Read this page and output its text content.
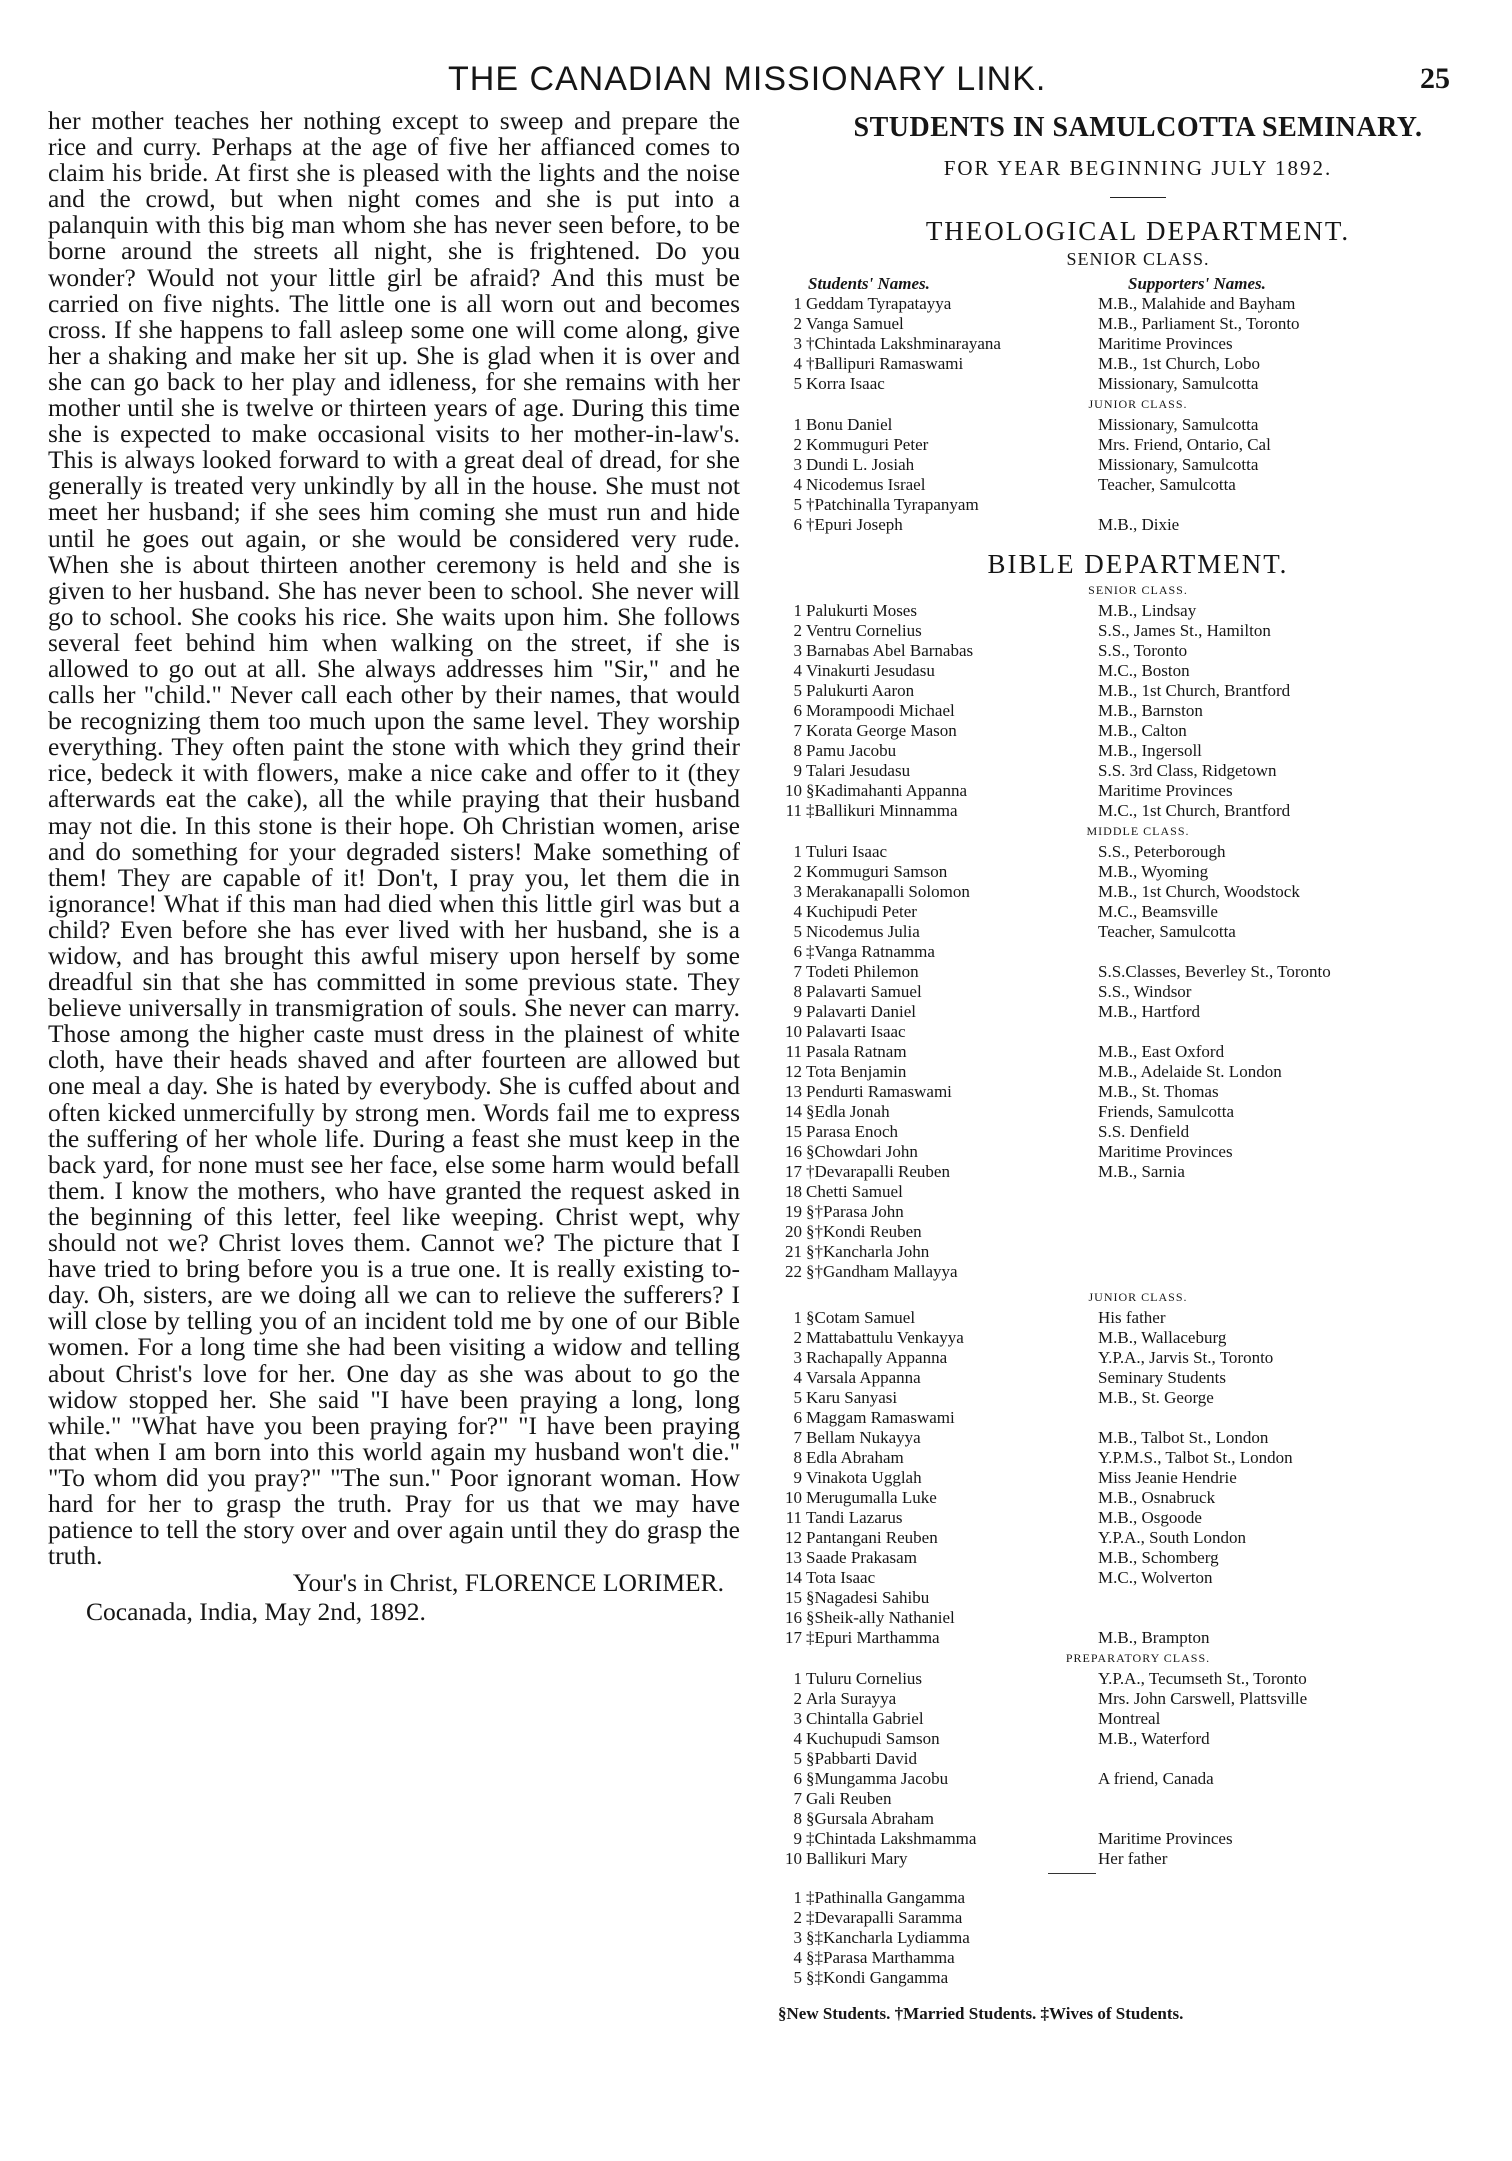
THE CANADIAN MISSIONARY LINK.	25

her mother teaches her nothing except to sweep and prepare the rice and curry. Perhaps at the age of five her affianced comes to claim his bride. At first she is pleased with the lights and the noise and the crowd, but when night comes and she is put into a palanquin with this big man whom she has never seen before, to be borne around the streets all night, she is frightened. Do you wonder? Would not your little girl be afraid? And this must be carried on five nights. The little one is all worn out and becomes cross. If she happens to fall asleep some one will come along, give her a shaking and make her sit up. She is glad when it is over and she can go back to her play and idleness, for she remains with her mother until she is twelve or thirteen years of age. During this time she is expected to make occasional visits to her mother-in-law's. This is always looked forward to with a great deal of dread, for she generally is treated very unkindly by all in the house. She must not meet her husband; if she sees him coming she must run and hide until he goes out again, or she would be considered very rude. When she is about thirteen another ceremony is held and she is given to her husband. She has never been to school. She never will go to school. She cooks his rice. She waits upon him. She follows several feet behind him when walking on the street, if she is allowed to go out at all. She always addresses him "Sir," and he calls her "child." Never call each other by their names, that would be recognizing them too much upon the same level. They worship everything. They often paint the stone with which they grind their rice, bedeck it with flowers, make a nice cake and offer to it (they afterwards eat the cake), all the while praying that their husband may not die. In this stone is their hope. Oh Christian women, arise and do something for your degraded sisters! Make something of them! They are capable of it! Don't, I pray you, let them die in ignorance! What if this man had died when this little girl was but a child? Even before she has ever lived with her husband, she is a widow, and has brought this awful misery upon herself by some dreadful sin that she has committed in some previous state. They believe universally in transmigration of souls. She never can marry. Those among the higher caste must dress in the plainest of white cloth, have their heads shaved and after fourteen are allowed but one meal a day. She is hated by everybody. She is cuffed about and often kicked unmercifully by strong men. Words fail me to express the suffering of her whole life. During a feast she must keep in the back yard, for none must see her face, else some harm would befall them. I know the mothers, who have granted the request asked in the beginning of this letter, feel like weeping. Christ wept, why should not we? Christ loves them. Cannot we? The picture that I have tried to bring before you is a true one. It is really existing to-day. Oh, sisters, are we doing all we can to relieve the sufferers? I will close by telling you of an incident told me by one of our Bible women. For a long time she had been visiting a widow and telling about Christ's love for her. One day as she was about to go the widow stopped her. She said "I have been praying a long, long while." "What have you been praying for?" "I have been praying that when I am born into this world again my husband won't die." "To whom did you pray?" "The sun." Poor ignorant woman. How hard for her to grasp the truth. Pray for us that we may have patience to tell the story over and over again until they do grasp the truth.

Your's in Christ, FLORENCE LORIMER.
Cocanada, India, May 2nd, 1892.
STUDENTS IN SAMULCOTTA SEMINARY.
FOR YEAR BEGINNING JULY 1892.
THEOLOGICAL DEPARTMENT.
SENIOR CLASS.
Students' Names.	Supporters' Names.
1 Geddam Tyrapatayya	M.B., Malahide and Bayham
2 Vanga Samuel	M.B., Parliament St., Toronto
3 †Chintada Lakshminarayana	Maritime Provinces
4 †Ballipuri Ramaswami	M.B., 1st Church, Lobo
5 Korra Isaac	Missionary, Samulcotta
JUNIOR CLASS.
1 Bonu Daniel	Missionary, Samulcotta
2 Kommuguri Peter	Mrs. Friend, Ontario, Cal
3 Dundi L. Josiah	Missionary, Samulcotta
4 Nicodemus Israel	Teacher, Samulcotta
5 †Patchinalla Tyrapanyam
6 †Epuri Joseph	M.B., Dixie
BIBLE DEPARTMENT.
SENIOR CLASS.
1 Palukurti Moses	M.B., Lindsay
2 Ventru Cornelius	S.S., James St., Hamilton
3 Barnabas Abel Barnabas	S.S., Toronto
4 Vinakurti Jesudasu	M.C., Boston
5 Palukurti Aaron	M.B., 1st Church, Brantford
6 Morampoodi Michael	M.B., Barnston
7 Korata George Mason	M.B., Calton
8 Pamu Jacobu	M.B., Ingersoll
9 Talari Jesudasu	S.S. 3rd Class, Ridgetown
10 §Kadimahanti Appanna	Maritime Provinces
11 ‡Ballikuri Minnamma	M.C., 1st Church, Brantford
MIDDLE CLASS.
1 Tuluri Isaac	S.S., Peterborough
2 Kommuguri Samson	M.B., Wyoming
3 Merakanapalli Solomon	M.B., 1st Church, Woodstock
4 Kuchipudi Peter	M.C., Beamsville
5 Nicodemus Julia	Teacher, Samulcotta
6 ‡Vanga Ratnamma
7 Todeti Philemon	S.S.Classes, Beverley St., Toronto
8 Palavarti Samuel	S.S., Windsor
9 Palavarti Daniel	M.B., Hartford
10 Palavarti Isaac
11 Pasala Ratnam	M.B., East Oxford
12 Tota Benjamin	M.B., Adelaide St. London
13 Pendurti Ramaswami	M.B., St. Thomas
14 §Edla Jonah	Friends, Samulcotta
15 Parasa Enoch	S.S. Denfield
16 §Chowdari John	Maritime Provinces
17 †Devarapalli Reuben	M.B., Sarnia
18 Chetti Samuel
19 §†Parasa John
20 §†Kondi Reuben
21 §†Kancharla John
22 §†Gandham Mallayya
JUNIOR CLASS.
1 §Cotam Samuel	His father
2 Mattabattulu Venkayya	M.B., Wallaceburg
3 Rachapally Appanna	Y.P.A., Jarvis St., Toronto
4 Varsala Appanna	Seminary Students
5 Karu Sanyasi	M.B., St. George
6 Maggam Ramaswami
7 Bellam Nukayya	M.B., Talbot St., London
8 Edla Abraham	Y.P.M.S., Talbot St., London
9 Vinakota Ugglah	Miss Jeanie Hendrie
10 Merugumalla Luke	M.B., Osnabruck
11 Tandi Lazarus	M.B., Osgoode
12 Pantangani Reuben	Y.P.A., South London
13 Saade Prakasam	M.B., Schomberg
14 Tota Isaac	M.C., Wolverton
15 §Nagadesi Sahibu
16 §Sheik-ally Nathaniel
17 ‡Epuri Marthamma	M.B., Brampton
PREPARATORY CLASS.
1 Tuluru Cornelius	Y.P.A., Tecumseth St., Toronto
2 Arla Surayya	Mrs. John Carswell, Plattsville
3 Chintalla Gabriel	Montreal
4 Kuchupudi Samson	M.B., Waterford
5 §Pabbarti David
6 §Mungamma Jacobu	A friend, Canada
7 Gali Reuben
8 §Gursala Abraham
9 ‡Chintada Lakshmamma	Maritime Provinces
10 Ballikuri Mary	Her father
1 ‡Pathinalla Gangamma
2 ‡Devarapalli Saramma
3 §‡Kancharla Lydiamma
4 §‡Parasa Marthamma
5 §‡Kondi Gangamma
§New Students. †Married Students. ‡Wives of Students.
